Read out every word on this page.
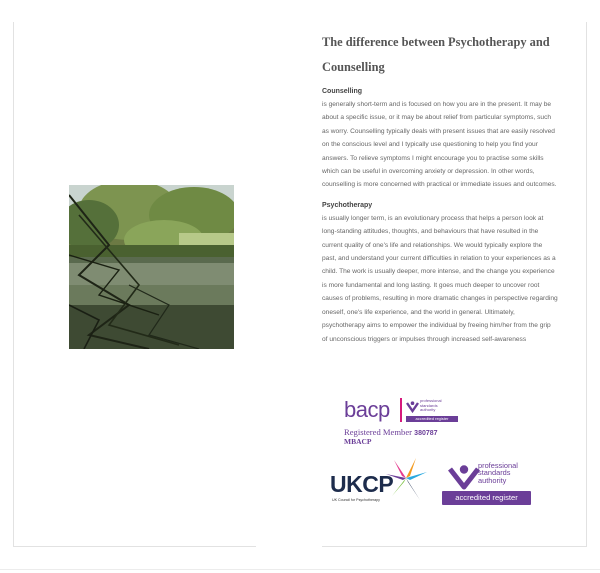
The difference between Psychotherapy and Counselling
Counselling
is generally short-term and is focused on how you are in the present. It may be about a specific issue, or it may be about relief from particular symptoms, such as worry. Counselling typically deals with present issues that are easily resolved on the conscious level and I typically use questioning to help you find your answers. To relieve symptoms I might encourage you to practise some skills which can be useful in overcoming anxiety or depression. In other words, counselling is more concerned with practical or immediate issues and outcomes.
Psychotherapy
is usually longer term, is an evolutionary process that helps a person look at long-standing attitudes, thoughts, and behaviours that have resulted in the current quality of one's life and relationships. We would typically explore the past, and understand your current difficulties in relation to your experiences as a child. The work is usually deeper, more intense, and the change you experience is more fundamental and long lasting. It goes much deeper to uncover root causes of problems, resulting in more dramatic changes in perspective regarding oneself, one's life experience, and the world in general. Ultimately, psychotherapy aims to empower the individual by freeing him/her from the grip of unconscious triggers or impulses through increased self-awareness
bacp	professional
standards
authority
accredited register
Registered Member 380787
MBACP
UKCP
UK Council for Psychotherapy
professional
standards
authority
accredited register
